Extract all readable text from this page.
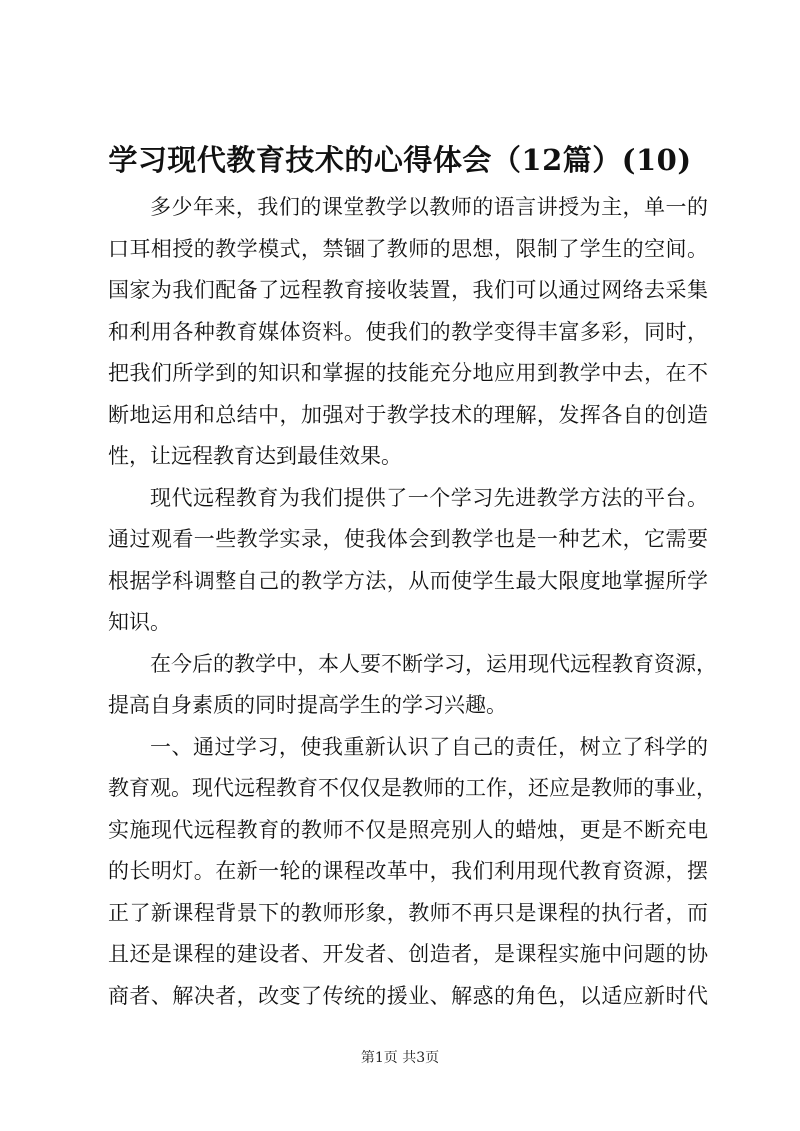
学习现代教育技术的心得体会（12篇）(10)
多少年来，我们的课堂教学以教师的语言讲授为主，单一的
口耳相授的教学模式，禁锢了教师的思想，限制了学生的空间。
国家为我们配备了远程教育接收装置，我们可以通过网络去采集
和利用各种教育媒体资料。使我们的教学变得丰富多彩，同时，
把我们所学到的知识和掌握的技能充分地应用到教学中去，在不
断地运用和总结中，加强对于教学技术的理解，发挥各自的创造
性，让远程教育达到最佳效果。
现代远程教育为我们提供了一个学习先进教学方法的平台。
通过观看一些教学实录，使我体会到教学也是一种艺术，它需要
根据学科调整自己的教学方法，从而使学生最大限度地掌握所学
知识。
在今后的教学中，本人要不断学习，运用现代远程教育资源，
提高自身素质的同时提高学生的学习兴趣。
一、通过学习，使我重新认识了自己的责任，树立了科学的
教育观。现代远程教育不仅仅是教师的工作，还应是教师的事业，
实施现代远程教育的教师不仅是照亮别人的蜡烛，更是不断充电
的长明灯。在新一轮的课程改革中，我们利用现代教育资源，摆
正了新课程背景下的教师形象，教师不再只是课程的执行者，而
且还是课程的建设者、开发者、创造者，是课程实施中问题的协
商者、解决者，改变了传统的援业、解惑的角色，以适应新时代
第1页 共3页
